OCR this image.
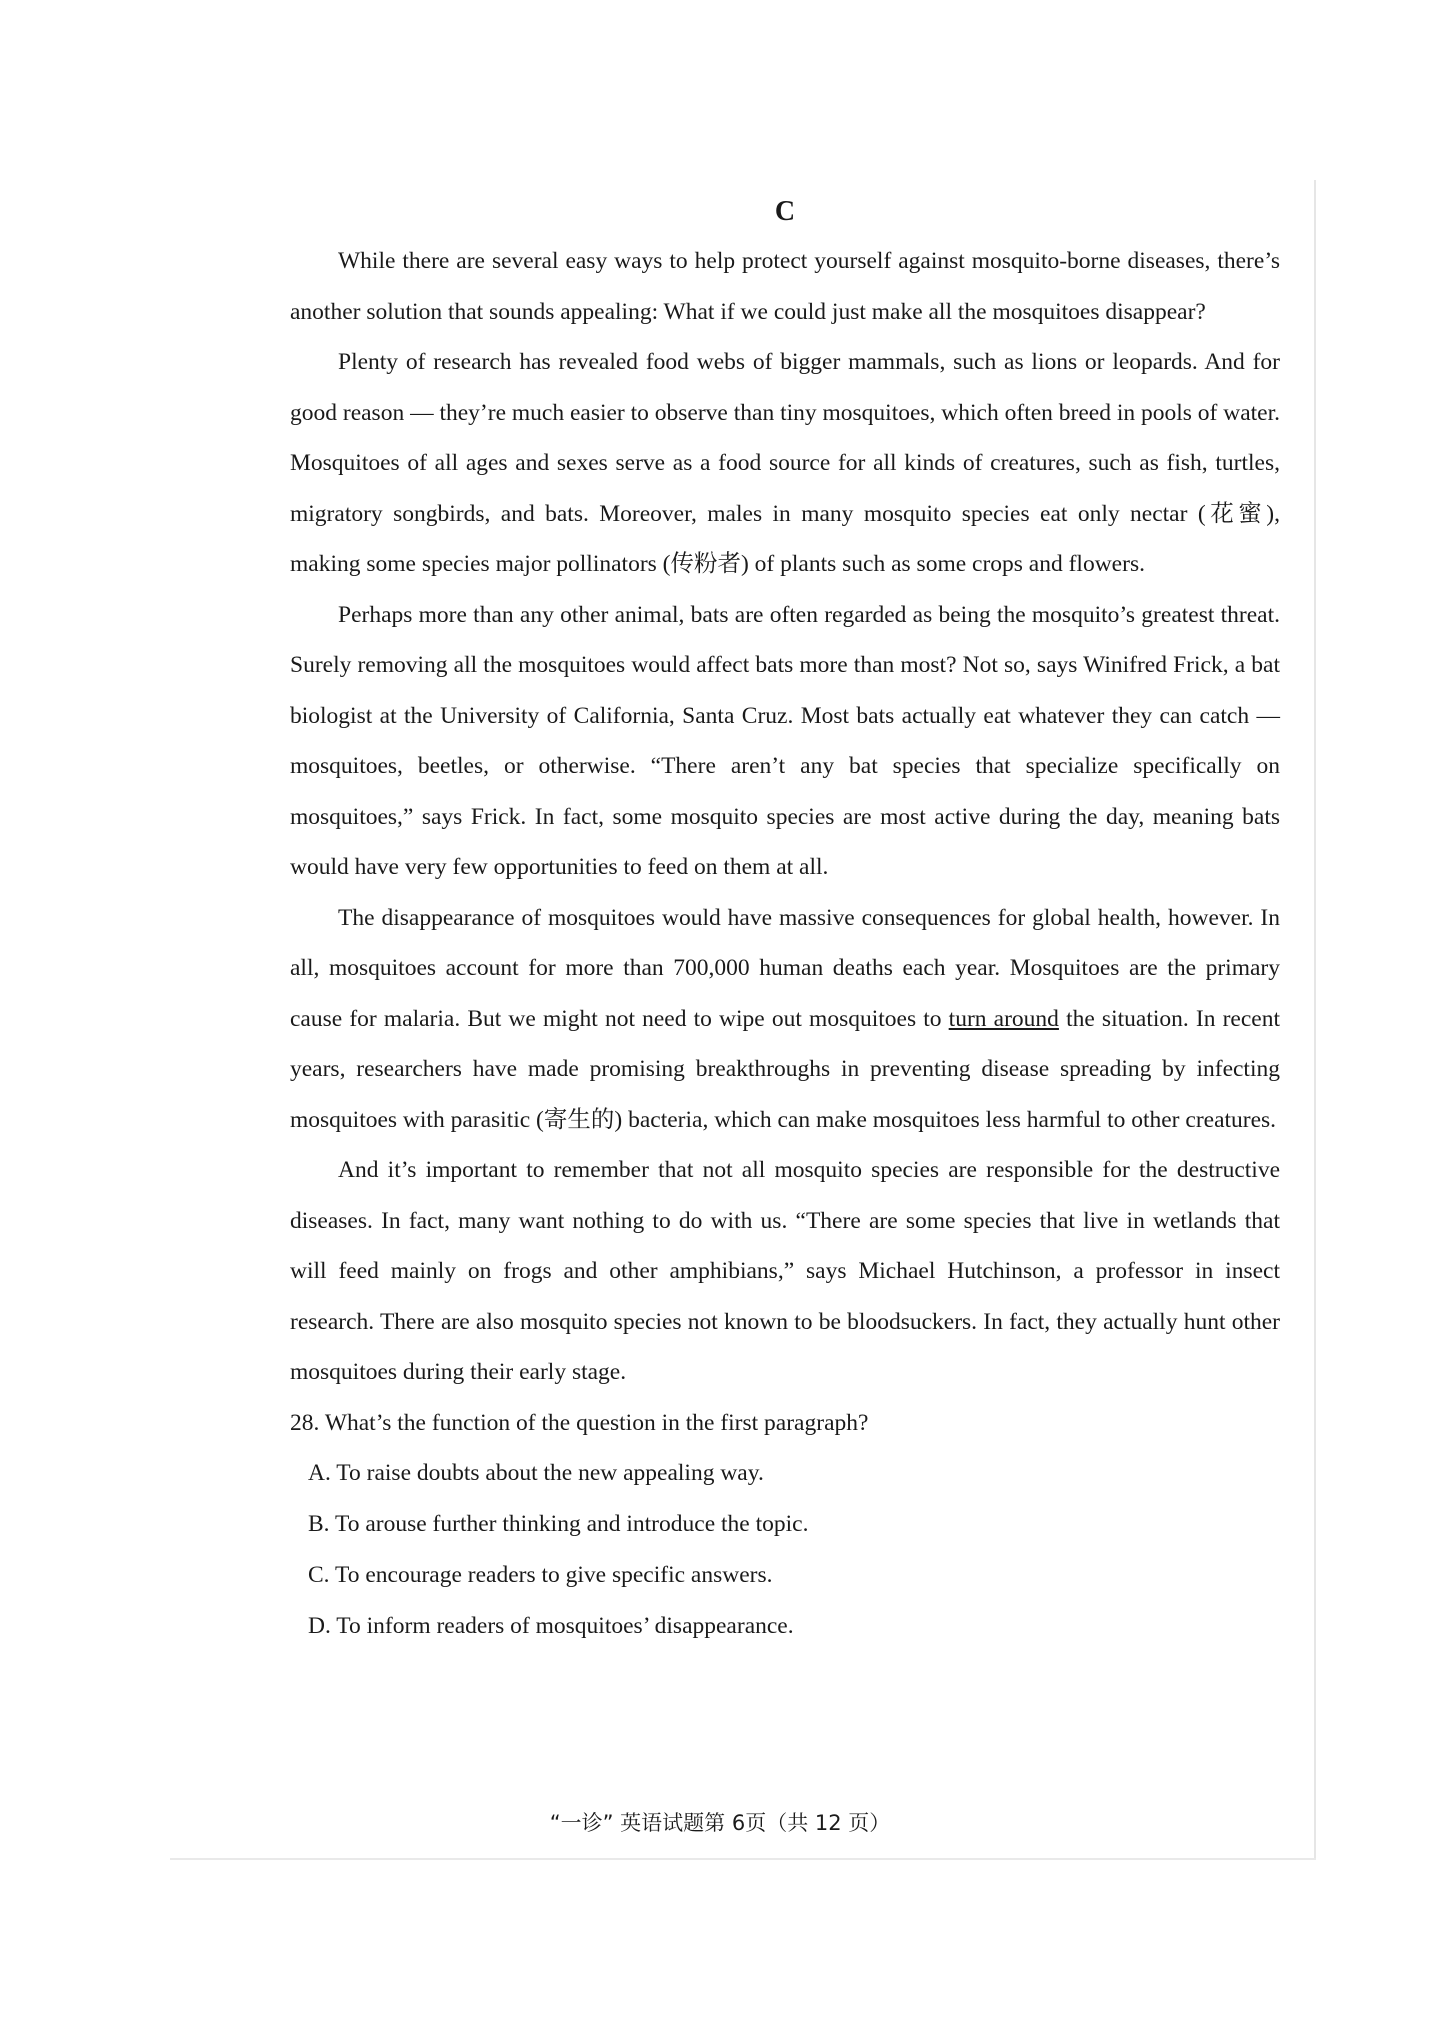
C

While there are several easy ways to help protect yourself against mosquito-borne diseases, there’s another solution that sounds appealing: What if we could just make all the mosquitoes disappear?

Plenty of research has revealed food webs of bigger mammals, such as lions or leopards. And for good reason — they’re much easier to observe than tiny mosquitoes, which often breed in pools of water. Mosquitoes of all ages and sexes serve as a food source for all kinds of creatures, such as fish, turtles, migratory songbirds, and bats. Moreover, males in many mosquito species eat only nectar (花蜜), making some species major pollinators (传粉者) of plants such as some crops and flowers.

Perhaps more than any other animal, bats are often regarded as being the mosquito’s greatest threat. Surely removing all the mosquitoes would affect bats more than most? Not so, says Winifred Frick, a bat biologist at the University of California, Santa Cruz. Most bats actually eat whatever they can catch — mosquitoes, beetles, or otherwise. “There aren’t any bat species that specialize specifically on mosquitoes,” says Frick. In fact, some mosquito species are most active during the day, meaning bats would have very few opportunities to feed on them at all.

The disappearance of mosquitoes would have massive consequences for global health, however. In all, mosquitoes account for more than 700,000 human deaths each year. Mosquitoes are the primary cause for malaria. But we might not need to wipe out mosquitoes to turn around the situation. In recent years, researchers have made promising breakthroughs in preventing disease spreading by infecting mosquitoes with parasitic (寄生的) bacteria, which can make mosquitoes less harmful to other creatures.

And it’s important to remember that not all mosquito species are responsible for the destructive diseases. In fact, many want nothing to do with us. “There are some species that live in wetlands that will feed mainly on frogs and other amphibians,” says Michael Hutchinson, a professor in insect research. There are also mosquito species not known to be bloodsuckers. In fact, they actually hunt other mosquitoes during their early stage.

28. What’s the function of the question in the first paragraph?

A. To raise doubts about the new appealing way.

B. To arouse further thinking and introduce the topic.

C. To encourage readers to give specific answers.

D. To inform readers of mosquitoes’ disappearance.

“一诊” 英语试题第 6页（共 12 页）
